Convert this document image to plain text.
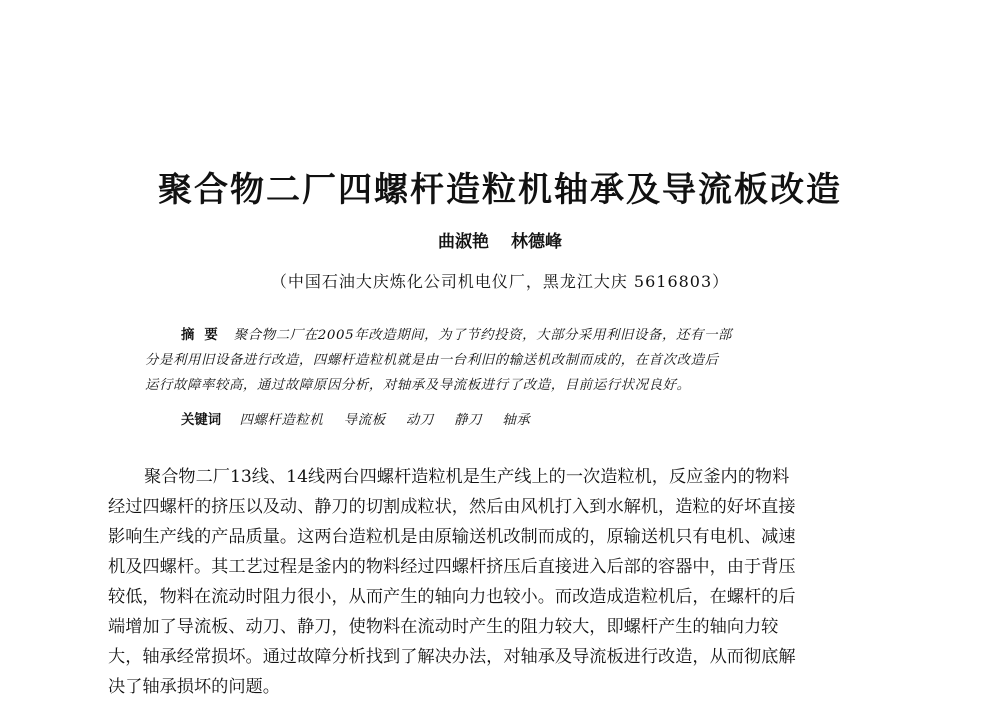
聚合物二厂四螺杆造粒机轴承及导流板改造
曲淑艳 林德峰
（中国石油大庆炼化公司机电仪厂，黑龙江大庆 5616803）
摘要 聚合物二厂在2005年改造期间，为了节约投资，大部分采用利旧设备，还有一部
分是利用旧设备进行改造，四螺杆造粒机就是由一台利旧的输送机改制而成的，在首次改造后
运行故障率较高，通过故障原因分析，对轴承及导流板进行了改造，目前运行状况良好。
关键词 四螺杆造粒机 导流板 动刀 静刀 轴承
聚合物二厂13线、14线两台四螺杆造粒机是生产线上的一次造粒机，反应釜内的物料
经过四螺杆的挤压以及动、静刀的切割成粒状，然后由风机打入到水解机，造粒的好坏直接
影响生产线的产品质量。这两台造粒机是由原输送机改制而成的，原输送机只有电机、减速
机及四螺杆。其工艺过程是釜内的物料经过四螺杆挤压后直接进入后部的容器中，由于背压
较低，物料在流动时阻力很小，从而产生的轴向力也较小。而改造成造粒机后，在螺杆的后
端增加了导流板、动刀、静刀，使物料在流动时产生的阻力较大，即螺杆产生的轴向力较
大，轴承经常损坏。通过故障分析找到了解决办法，对轴承及导流板进行改造，从而彻底解
决了轴承损坏的问题。
